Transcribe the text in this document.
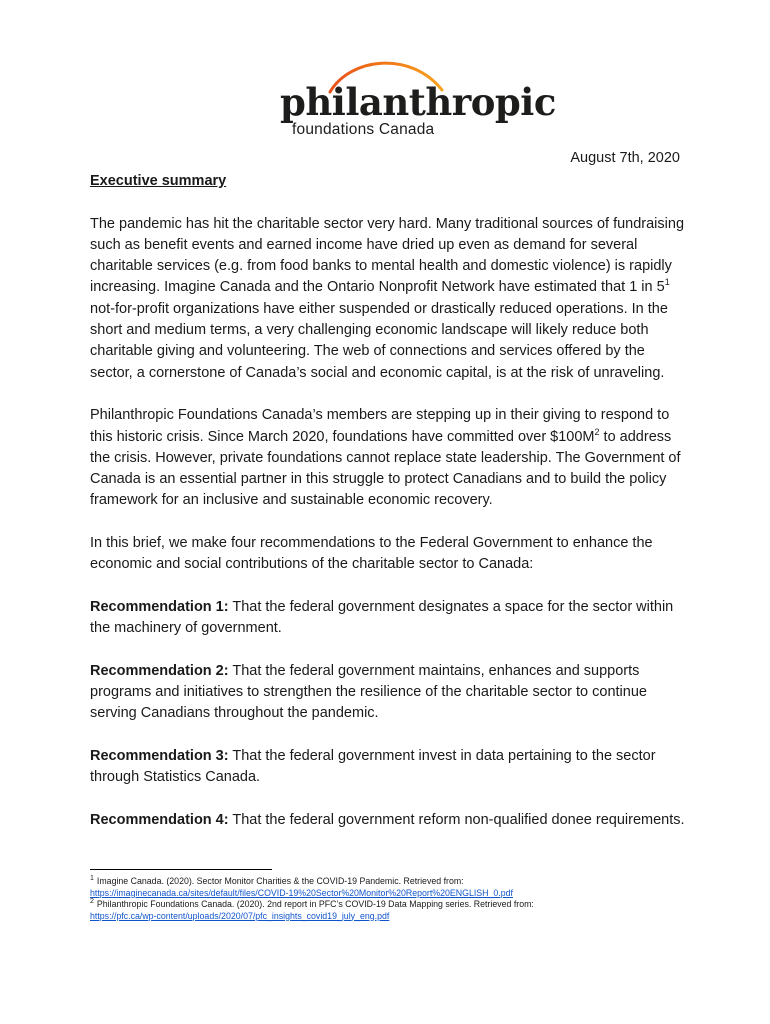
philanthropic
foundations Canada
August 7th, 2020

Executive summary

The pandemic has hit the charitable sector very hard. Many traditional sources of fundraising such as benefit events and earned income have dried up even as demand for several charitable services (e.g. from food banks to mental health and domestic violence) is rapidly increasing. Imagine Canada and the Ontario Nonprofit Network have estimated that 1 in $5^1$ not-for-profit organizations have either suspended or drastically reduced operations. In the short and medium terms, a very challenging economic landscape will likely reduce both charitable giving and volunteering. The web of connections and services offered by the sector, a cornerstone of Canada’s social and economic capital, is at the risk of unraveling.

Philanthropic Foundations Canada’s members are stepping up in their giving to respond to this historic crisis. Since March 2020, foundations have committed over $\$100M^2$ to address the crisis. However, private foundations cannot replace state leadership. The Government of Canada is an essential partner in this struggle to protect Canadians and to build the policy framework for an inclusive and sustainable economic recovery.

In this brief, we make four recommendations to the Federal Government to enhance the economic and social contributions of the charitable sector to Canada:

Recommendation 1: That the federal government designates a space for the sector within the machinery of government.

Recommendation 2: That the federal government maintains, enhances and supports programs and initiatives to strengthen the resilience of the charitable sector to continue serving Canadians throughout the pandemic.

Recommendation 3: That the federal government invest in data pertaining to the sector through Statistics Canada.

Recommendation 4: That the federal government reform non-qualified donee requirements.

$^1$ Imagine Canada. (2020). Sector Monitor Charities & the COVID-19 Pandemic. Retrieved from:
https://imaginecanada.ca/sites/default/files/COVID-19%20Sector%20Monitor%20Report%20ENGLISH_0.pdf
$^2$ Philanthropic Foundations Canada. (2020). 2nd report in PFC’s COVID-19 Data Mapping series. Retrieved from:
https://pfc.ca/wp-content/uploads/2020/07/pfc_insights_covid19_july_eng.pdf
